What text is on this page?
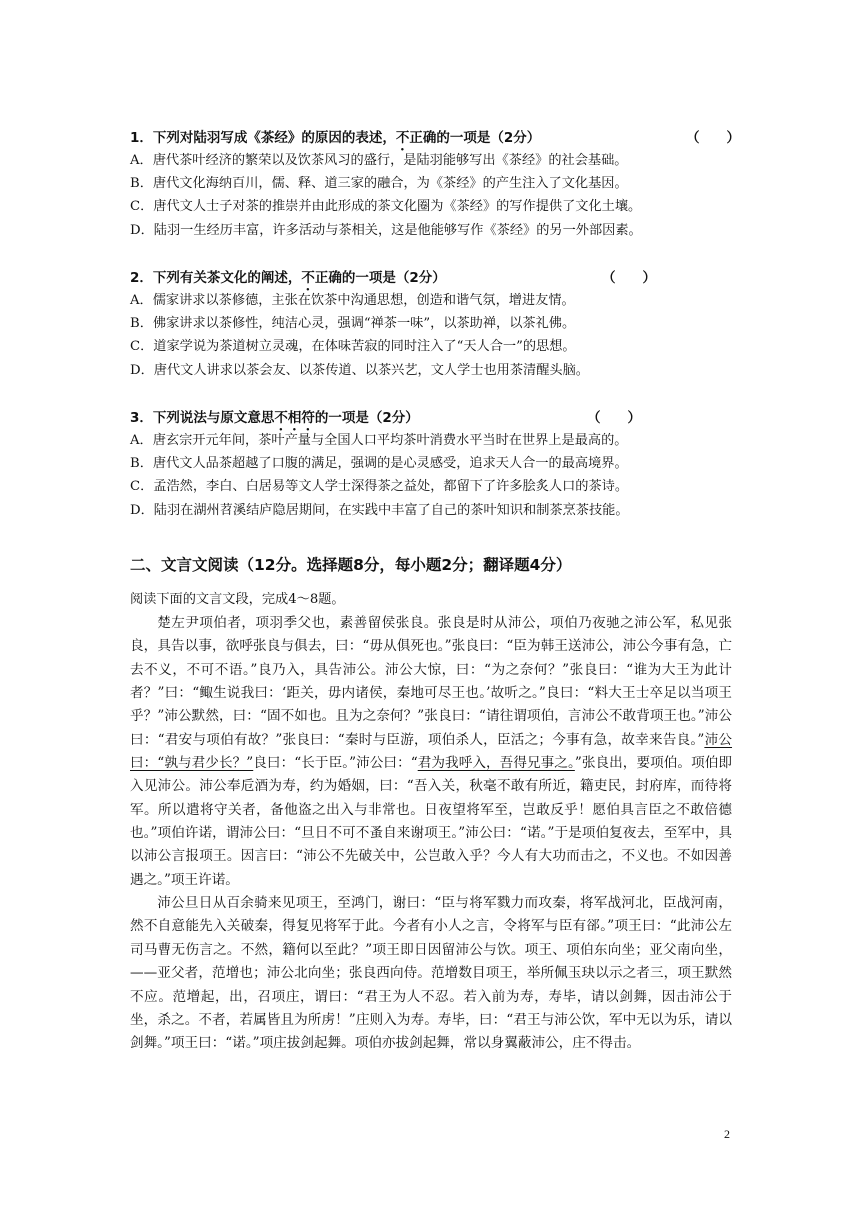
1．下列对陆羽写成《茶经》的原因的表述，不正确的一项是（2分）	（　　）
A．唐代茶叶经济的繁荣以及饮茶风习的盛行，是陆羽能够写出《茶经》的社会基础。
B．唐代文化海纳百川，儒、释、道三家的融合，为《茶经》的产生注入了文化基因。
C．唐代文人士子对茶的推崇并由此形成的茶文化圈为《茶经》的写作提供了文化土壤。
D．陆羽一生经历丰富，许多活动与茶相关，这是他能够写作《茶经》的另一外部因素。
2．下列有关茶文化的阐述，不正确的一项是（2分）	（　　）
A．儒家讲求以茶修德，主张在饮茶中沟通思想，创造和谐气氛，增进友情。
B．佛家讲求以茶修性，纯洁心灵，强调“禅茶一味”，以茶助禅，以茶礼佛。
C．道家学说为茶道树立灵魂，在体味苦寂的同时注入了“天人合一”的思想。
D．唐代文人讲求以茶会友、以茶传道、以茶兴艺，文人学士也用茶清醒头脑。
3．下列说法与原文意思不相符的一项是（2分）	（　　）
A．唐玄宗开元年间，茶叶产量与全国人口平均茶叶消费水平当时在世界上是最高的。
B．唐代文人品茶超越了口腹的满足，强调的是心灵感受，追求天人合一的最高境界。
C．孟浩然，李白、白居易等文人学士深得茶之益处，都留下了许多脍炙人口的茶诗。
D．陆羽在湖州苕溪结庐隐居期间，在实践中丰富了自己的茶叶知识和制茶烹茶技能。
二、文言文阅读（12分。选择题8分，每小题2分；翻译题4分）
阅读下面的文言文段，完成4～8题。

楚左尹项伯者，项羽季父也，素善留侯张良。张良是时从沛公，项伯乃夜驰之沛公军，私见张良，具告以事，欲呼张良与俱去，曰：“毋从俱死也。”张良曰：“臣为韩王送沛公，沛公今事有急，亡去不义，不可不语。”良乃入，具告沛公。沛公大惊，曰：“为之奈何？”张良曰：“谁为大王为此计者？”曰：“鲰生说我曰：‘距关，毋内诸侯，秦地可尽王也。’故听之。”良曰：“料大王士卒足以当项王乎？”沛公默然，曰：“固不如也。且为之奈何？”张良曰：“请往谓项伯，言沛公不敢背项王也。”沛公曰：“君安与项伯有故？”张良曰：“秦时与臣游，项伯杀人，臣活之；今事有急，故幸来告良。”沛公曰：“孰与君少长？”良曰：“长于臣。”沛公曰：“君为我呼入，吾得兄事之。”张良出，要项伯。项伯即入见沛公。沛公奉卮酒为寿，约为婚姻，曰：“吾入关，秋毫不敢有所近，籍吏民，封府库，而待将军。所以遣将守关者，备他盗之出入与非常也。日夜望将军至，岂敢反乎！愿伯具言臣之不敢倍德也。”项伯许诺，谓沛公曰：“旦日不可不蚤自来谢项王。”沛公曰：“诺。”于是项伯复夜去，至军中，具以沛公言报项王。因言曰：“沛公不先破关中，公岂敢入乎？今人有大功而击之，不义也。不如因善遇之。”项王许诺。

沛公旦日从百余骑来见项王，至鸿门，谢曰：“臣与将军戮力而攻秦，将军战河北，臣战河南，然不自意能先入关破秦，得复见将军于此。今者有小人之言，令将军与臣有郤。”项王曰：“此沛公左司马曹无伤言之。不然，籍何以至此？”项王即日因留沛公与饮。项王、项伯东向坐；亚父南向坐，——亚父者，范增也；沛公北向坐；张良西向侍。范增数目项王，举所佩玉玦以示之者三，项王默然不应。范增起，出，召项庄，谓曰：“君王为人不忍。若入前为寿，寿毕，请以剑舞，因击沛公于坐，杀之。不者，若属皆且为所虏！”庄则入为寿。寿毕，曰：“君王与沛公饮，军中无以为乐，请以剑舞。”项王曰：“诺。”项庄拔剑起舞。项伯亦拔剑起舞，常以身翼蔽沛公，庄不得击。

2
